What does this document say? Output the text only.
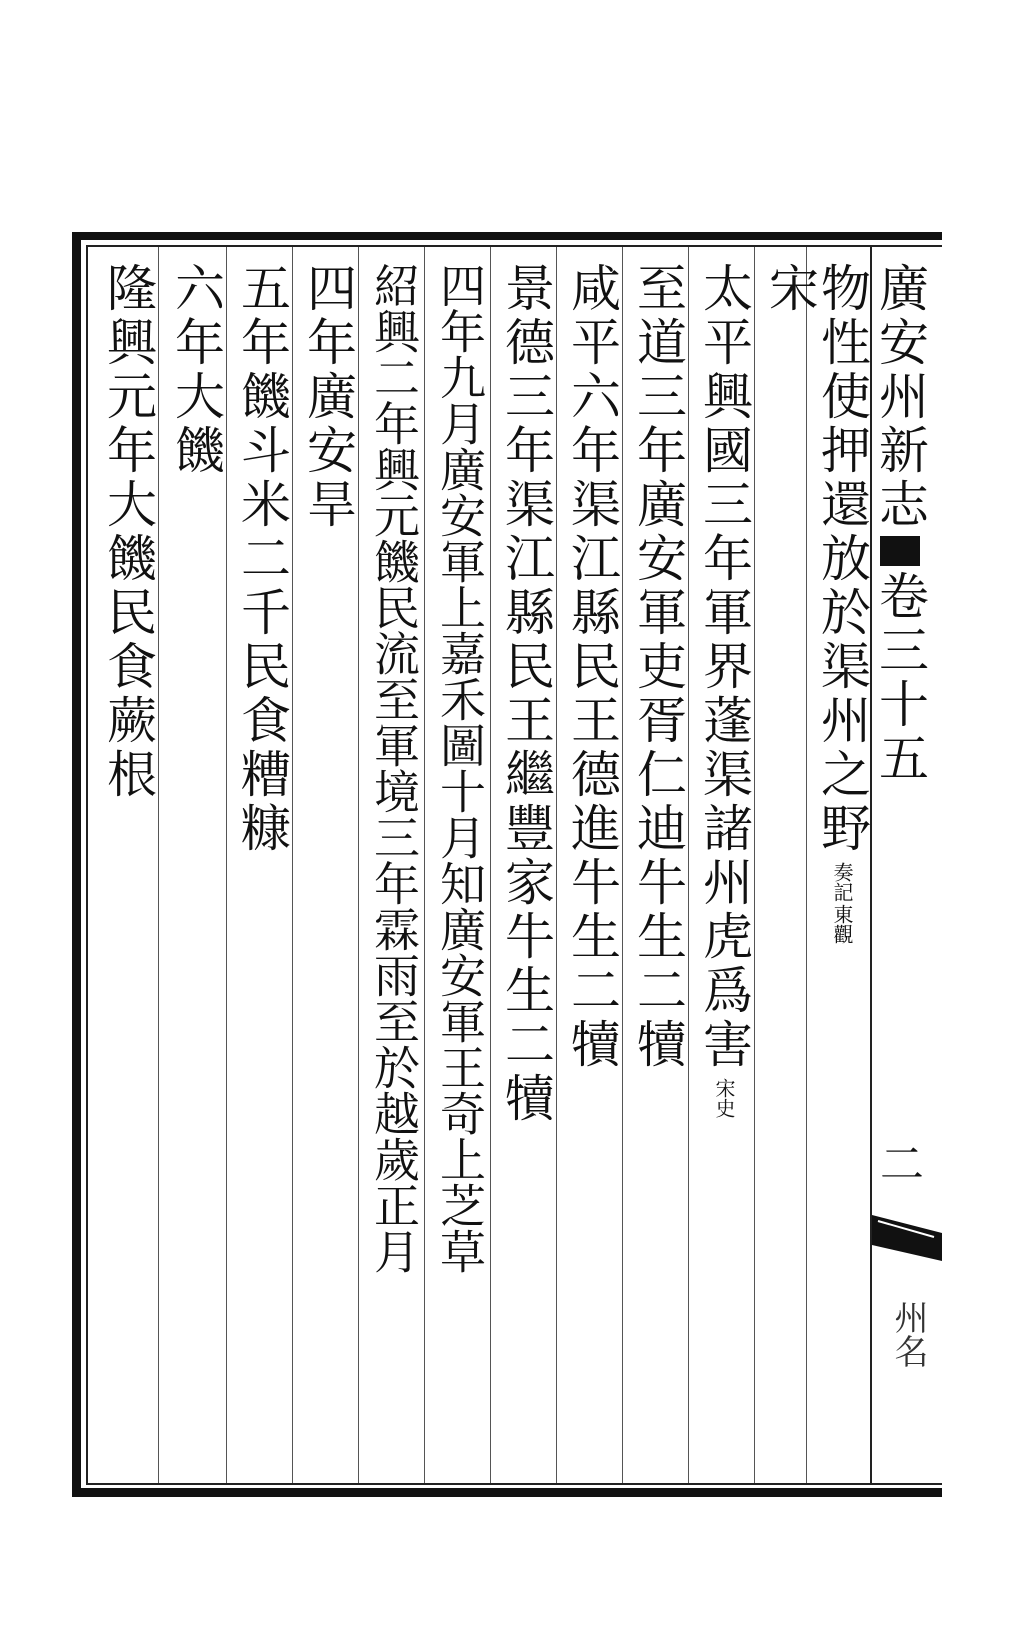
廣安州新志卷三十五
二
州名
物性使押還放於渠州之野
東觀
奏記
宋
太平興國三年軍界蓬渠諸州虎爲害
宋史
至道三年廣安軍吏胥仁迪牛生二犢
咸平六年渠江縣民王德進牛生二犢
景德三年渠江縣民王繼豐家牛生二犢
四年九月廣安軍上嘉禾圖十月知廣安軍王奇上芝草
紹興二年興元饑民流至軍境三年霖雨至於越歲正月
四年廣安旱
五年饑斗米二千民食糟糠
六年大饑
隆興元年大饑民食蕨根
